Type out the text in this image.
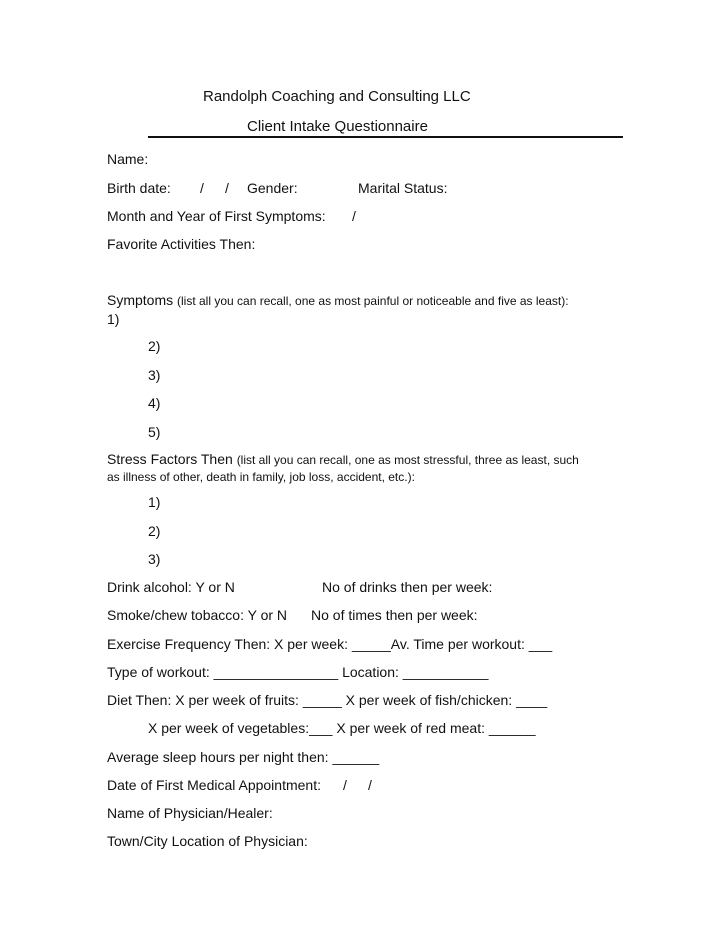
Randolph Coaching and Consulting LLC
Client Intake Questionnaire
Name:
Birth date: / / Gender:	Marital Status:
Month and Year of First Symptoms: /
Favorite Activities Then:
Symptoms (list all you can recall, one as most painful or noticeable and five as least):
1)
2)
3)
4)
5)
Stress Factors Then (list all you can recall, one as most stressful, three as least, such
as illness of other, death in family, job loss, accident, etc.):
1)
2)
3)
Drink alcohol: Y or N	No of drinks then per week:
Smoke/chew tobacco: Y or N No of times then per week:
Exercise Frequency Then: X per week: _____Av. Time per workout: ___
Type of workout: ________________ Location: ___________
Diet Then: X per week of fruits: _____ X per week of fish/chicken: ____
X per week of vegetables:___ X per week of red meat: ______
Average sleep hours per night then: ______
Date of First Medical Appointment: / /
Name of Physician/Healer:
Town/City Location of Physician:
